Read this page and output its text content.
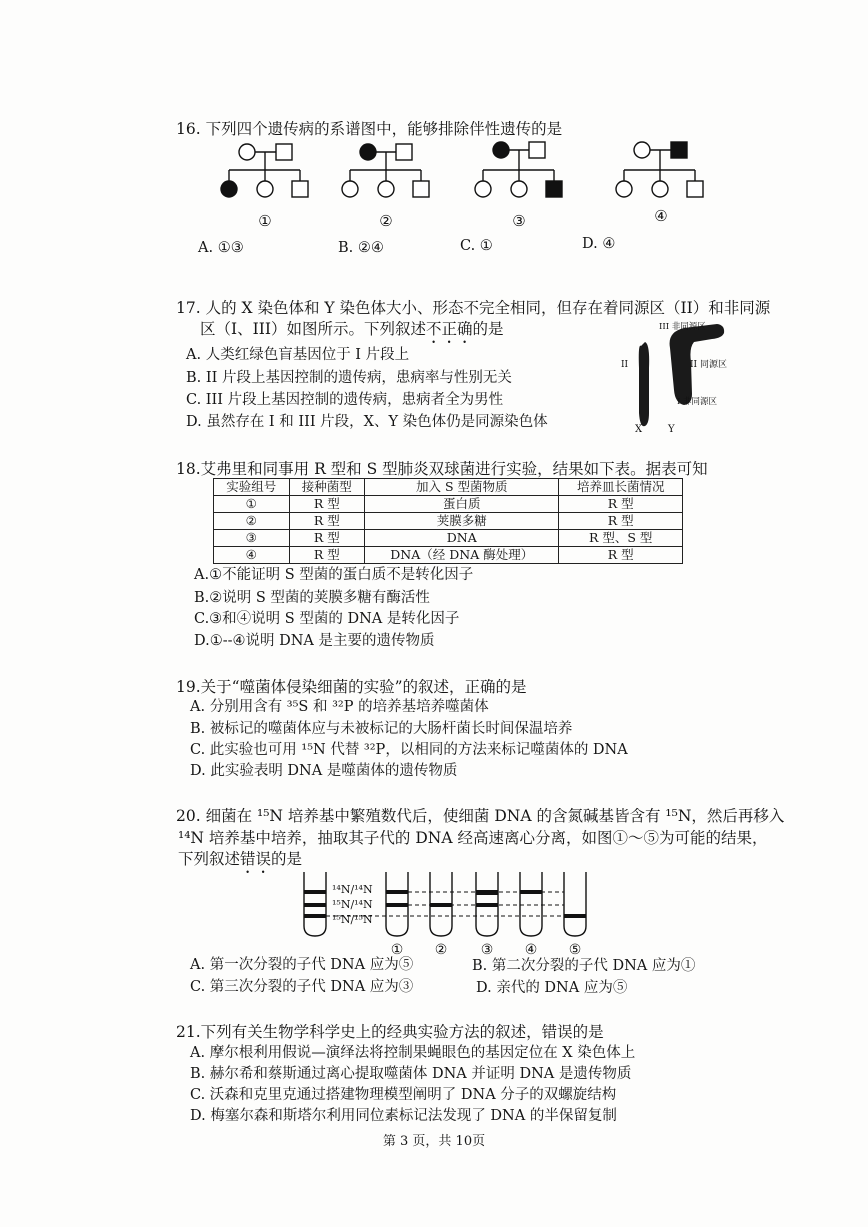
16. 下列四个遗传病的系谱图中，能够排除伴性遗传的是
①	②	③	④
A. ①③	B. ②④	C. ①	D. ④
17. 人的 X 染色体和 Y 染色体大小、形态不完全相同，但存在着同源区（II）和非同源
区（I、III）如图所示。下列叙述不正确的是
A. 人类红绿色盲基因位于 I 片段上
B. II 片段上基因控制的遗传病，患病率与性别无关
C. III 片段上基因控制的遗传病，患病者全为男性
D. 虽然存在 I 和 III 片段，X、Y 染色体仍是同源染色体
III 非同源区
II	II 同源区
I 非同源区
X	Y
18.艾弗里和同事用 R 型和 S 型肺炎双球菌进行实验，结果如下表。据表可知
实验组号	接种菌型	加入 S 型菌物质	培养皿长菌情况
①	R 型	蛋白质	R 型
②	R 型	荚膜多糖	R 型
③	R 型	DNA	R 型、S 型
④	R 型	DNA（经 DNA 酶处理）	R 型
A.①不能证明 S 型菌的蛋白质不是转化因子
B.②说明 S 型菌的荚膜多糖有酶活性
C.③和④说明 S 型菌的 DNA 是转化因子
D.①--④说明 DNA 是主要的遗传物质
19.关于“噬菌体侵染细菌的实验”的叙述，正确的是
A. 分别用含有 ³⁵S 和 ³²P 的培养基培养噬菌体
B. 被标记的噬菌体应与未被标记的大肠杆菌长时间保温培养
C. 此实验也可用 ¹⁵N 代替 ³²P，以相同的方法来标记噬菌体的 DNA
D. 此实验表明 DNA 是噬菌体的遗传物质
20. 细菌在 ¹⁵N 培养基中繁殖数代后，使细菌 DNA 的含氮碱基皆含有 ¹⁵N，然后再移入
¹⁴N 培养基中培养，抽取其子代的 DNA 经高速离心分离，如图①～⑤为可能的结果，
下列叙述错误的是
¹⁴N/¹⁴N
¹⁵N/¹⁴N
¹⁵N/¹⁵N
① ② ③ ④ ⑤
A. 第一次分裂的子代 DNA 应为⑤	B. 第二次分裂的子代 DNA 应为①
C. 第三次分裂的子代 DNA 应为③	D. 亲代的 DNA 应为⑤
21.下列有关生物学科学史上的经典实验方法的叙述，错误的是
A. 摩尔根利用假说—演绎法将控制果蝇眼色的基因定位在 X 染色体上
B. 赫尔希和蔡斯通过离心提取噬菌体 DNA 并证明 DNA 是遗传物质
C. 沃森和克里克通过搭建物理模型阐明了 DNA 分子的双螺旋结构
D. 梅塞尔森和斯塔尔利用同位素标记法发现了 DNA 的半保留复制
第 3 页，共 10页
